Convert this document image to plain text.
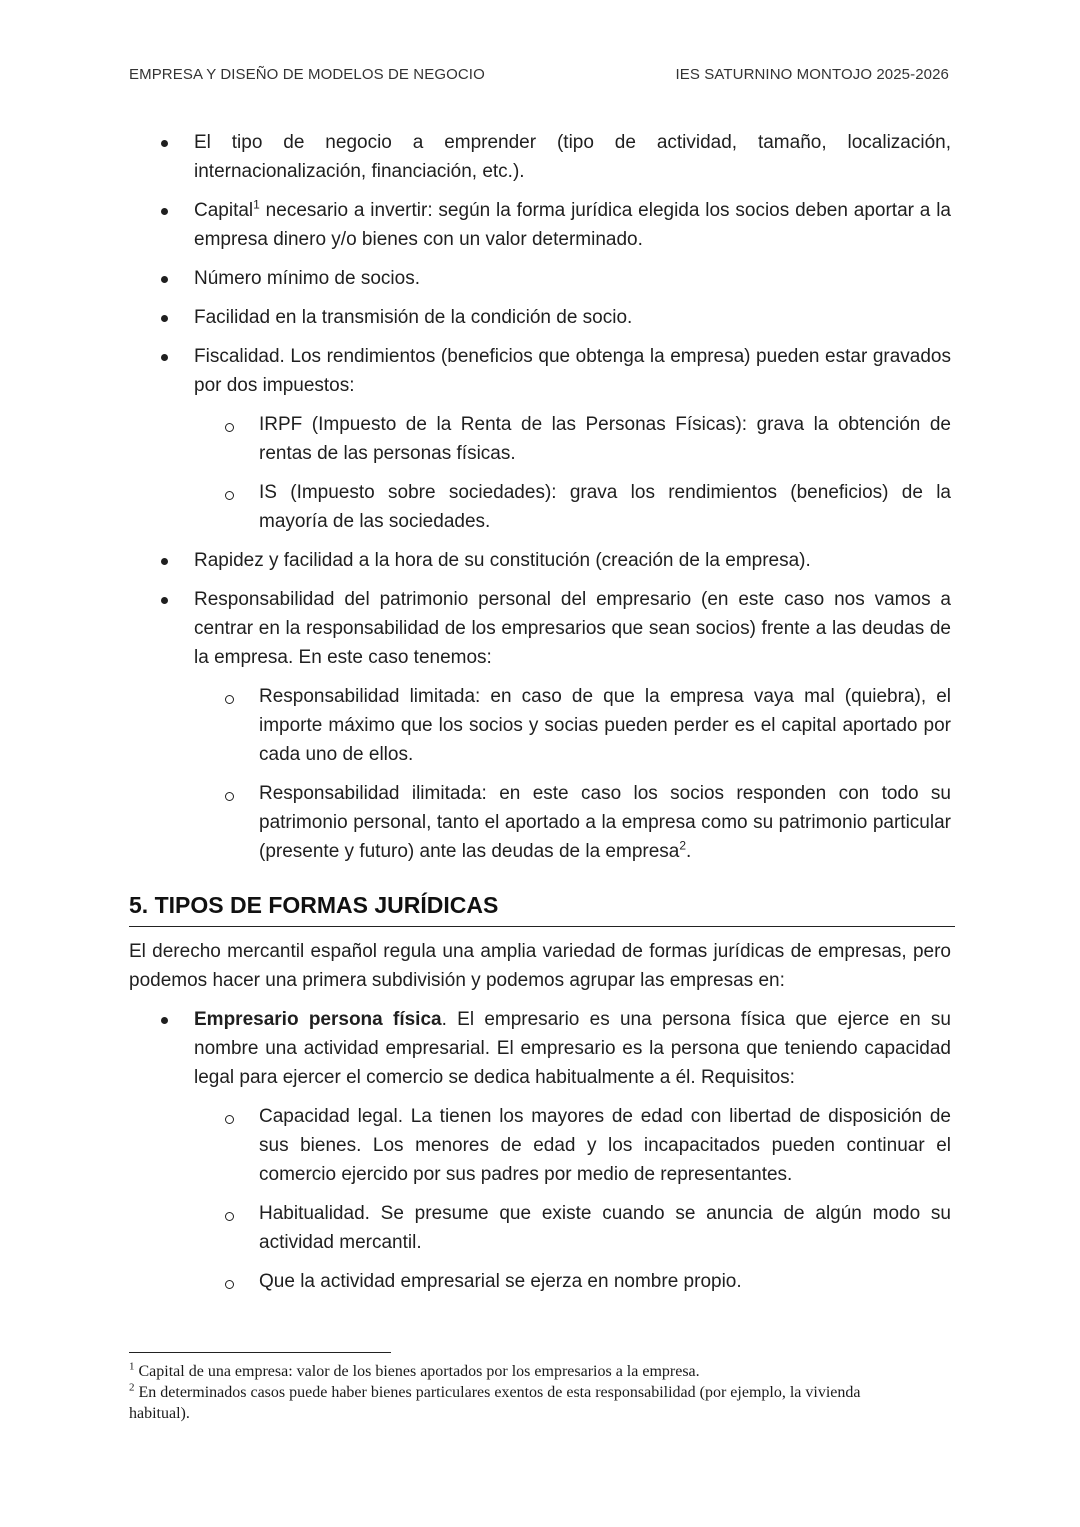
EMPRESA Y DISEÑO DE MODELOS DE NEGOCIO	IES SATURNINO MONTOJO 2025-2026
El tipo de negocio a emprender (tipo de actividad, tamaño, localización, internacionalización, financiación, etc.).
Capital$^1$ necesario a invertir: según la forma jurídica elegida los socios deben aportar a la empresa dinero y/o bienes con un valor determinado.
Número mínimo de socios.
Facilidad en la transmisión de la condición de socio.
Fiscalidad. Los rendimientos (beneficios que obtenga la empresa) pueden estar gravados por dos impuestos:
IRPF (Impuesto de la Renta de las Personas Físicas): grava la obtención de rentas de las personas físicas.
IS (Impuesto sobre sociedades): grava los rendimientos (beneficios) de la mayoría de las sociedades.
Rapidez y facilidad a la hora de su constitución (creación de la empresa).
Responsabilidad del patrimonio personal del empresario (en este caso nos vamos a centrar en la responsabilidad de los empresarios que sean socios) frente a las deudas de la empresa. En este caso tenemos:
Responsabilidad limitada: en caso de que la empresa vaya mal (quiebra), el importe máximo que los socios y socias pueden perder es el capital aportado por cada uno de ellos.
Responsabilidad ilimitada: en este caso los socios responden con todo su patrimonio personal, tanto el aportado a la empresa como su patrimonio particular (presente y futuro) ante las deudas de la empresa$^2$.
5. TIPOS DE FORMAS JURÍDICAS

El derecho mercantil español regula una amplia variedad de formas jurídicas de empresas, pero podemos hacer una primera subdivisión y podemos agrupar las empresas en:

Empresario persona física. El empresario es una persona física que ejerce en su nombre una actividad empresarial. El empresario es la persona que teniendo capacidad legal para ejercer el comercio se dedica habitualmente a él. Requisitos:
Capacidad legal. La tienen los mayores de edad con libertad de disposición de sus bienes. Los menores de edad y los incapacitados pueden continuar el comercio ejercido por sus padres por medio de representantes.
Habitualidad. Se presume que existe cuando se anuncia de algún modo su actividad mercantil.
Que la actividad empresarial se ejerza en nombre propio.
$^1$ Capital de una empresa: valor de los bienes aportados por los empresarios a la empresa.
$^2$ En determinados casos puede haber bienes particulares exentos de esta responsabilidad (por ejemplo, la vivienda habitual).
